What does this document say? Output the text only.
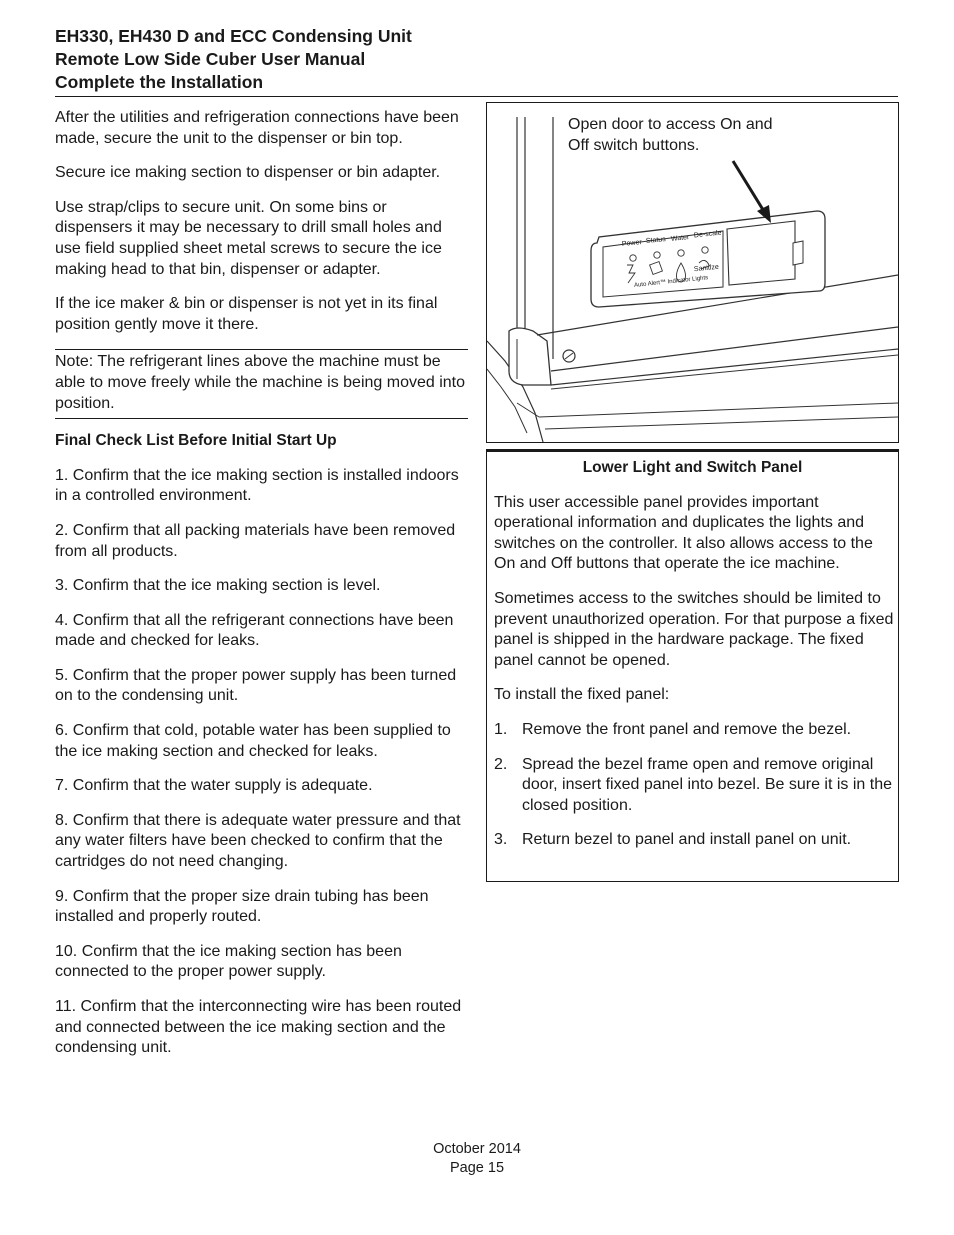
EH330, EH430 D and ECC Condensing Unit
Remote Low Side Cuber User Manual
Complete the Installation

After the utilities and refrigeration connections have been made, secure the unit to the dispenser or bin top.

Secure ice making section to dispenser or bin adapter.

Use strap/clips to secure unit. On some bins or dispensers it may be necessary to drill small holes and use field supplied sheet metal screws to secure the ice making head to that bin, dispenser or adapter.

If the ice maker & bin or dispenser is not yet in its final position gently move it there.

Note: The refrigerant lines above the machine must be able to move freely while the machine is being moved into position.

Final Check List Before Initial Start Up

1. Confirm that the ice making section is installed indoors in a controlled environment.

2. Confirm that all packing materials have been removed from all products.

3. Confirm that the ice making section is level.

4. Confirm that all the refrigerant connections have been made and checked for leaks.

5. Confirm that the proper power supply has been turned on to the condensing unit.

6. Confirm that cold, potable water has been supplied to the ice making section and checked for leaks.

7. Confirm that the water supply is adequate.

8. Confirm that there is adequate water pressure and that any water filters have been checked to confirm that the cartridges do not need changing.

9. Confirm that the proper size drain tubing has been installed and properly routed.

10. Confirm that the ice making section has been connected to the proper power supply.

11. Confirm that the interconnecting wire has been routed and connected between the ice making section and the condensing unit.

Open door to access On and Off switch buttons.
Power Status Water De-scale
Sanitize
Auto Alert™ Indicator Lights
Lower Light and Switch Panel

This user accessible panel provides important operational information and duplicates the lights and switches on the controller. It also allows access to the On and Off buttons that operate the ice machine.

Sometimes access to the switches should be limited to prevent unauthorized operation. For that purpose a fixed panel is shipped in the hardware package. The fixed panel cannot be opened.

To install the fixed panel:

1. Remove the front panel and remove the bezel.
2. Spread the bezel frame open and remove original door, insert fixed panel into bezel. Be sure it is in the closed position.
3. Return bezel to panel and install panel on unit.
October 2014
Page 15
